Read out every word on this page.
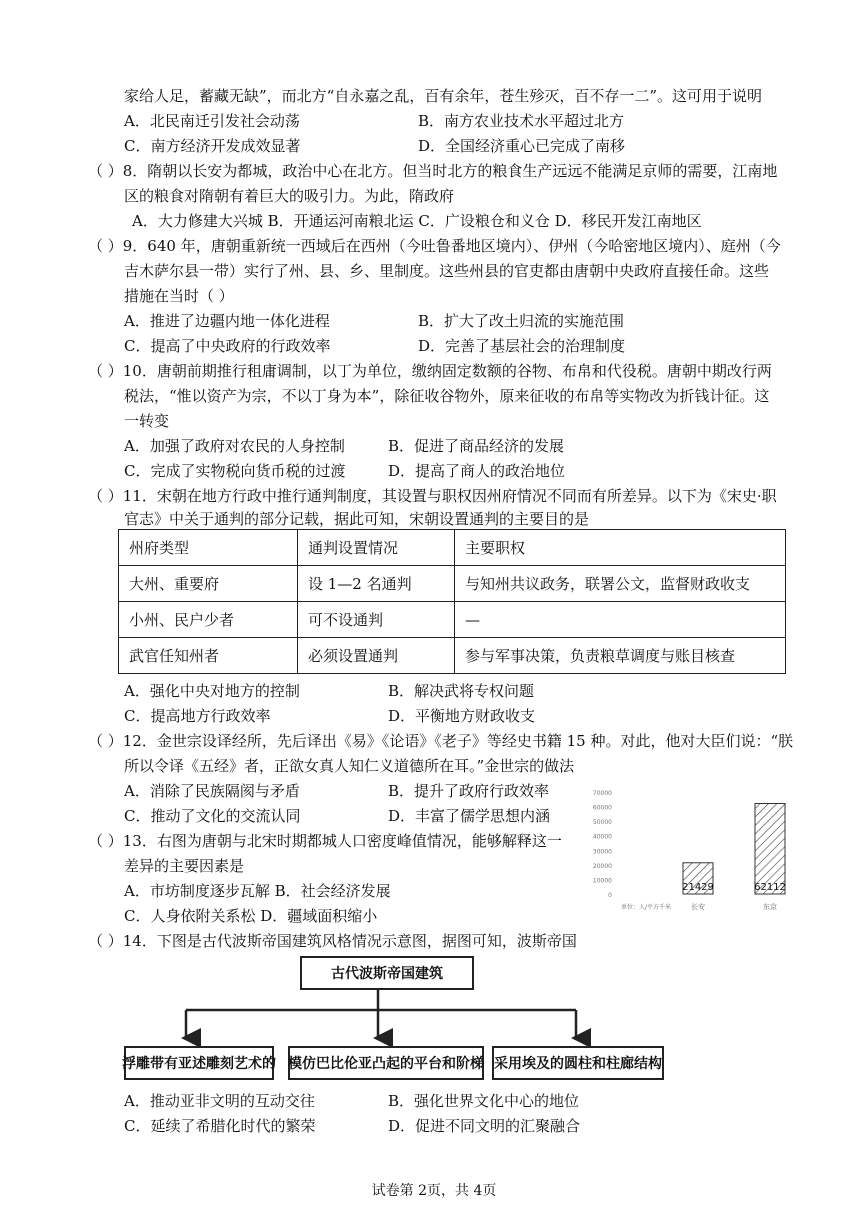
家给人足，蓄藏无缺”，而北方“自永嘉之乱，百有余年，苍生殄灭，百不存一二”。这可用于说明
A．北民南迁引发社会动荡	B．南方农业技术水平超过北方
C．南方经济开发成效显著	D．全国经济重心已完成了南移
（ ）8．隋朝以长安为都城，政治中心在北方。但当时北方的粮食生产远远不能满足京师的需要，江南地
区的粮食对隋朝有着巨大的吸引力。为此，隋政府
A．大力修建大兴城 B．开通运河南粮北运 C．广设粮仓和义仓 D．移民开发江南地区
（ ）9．640 年，唐朝重新统一西域后在西州（今吐鲁番地区境内）、伊州（今哈密地区境内）、庭州（今
吉木萨尔县一带）实行了州、县、乡、里制度。这些州县的官吏都由唐朝中央政府直接任命。这些
措施在当时（ ）
A．推进了边疆内地一体化进程	B．扩大了改土归流的实施范围
C．提高了中央政府的行政效率	D．完善了基层社会的治理制度
（ ）10．唐朝前期推行租庸调制，以丁为单位，缴纳固定数额的谷物、布帛和代役税。唐朝中期改行两
税法，“惟以资产为宗，不以丁身为本”，除征收谷物外，原来征收的布帛等实物改为折钱计征。这
一转变
A．加强了政府对农民的人身控制	B．促进了商品经济的发展
C．完成了实物税向货币税的过渡	D．提高了商人的政治地位
（ ）11．宋朝在地方行政中推行通判制度，其设置与职权因州府情况不同而有所差异。以下为《宋史·职
官志》中关于通判的部分记载，据此可知，宋朝设置通判的主要目的是
州府类型	通判设置情况	主要职权
大州、重要府	设 1—2 名通判	与知州共议政务，联署公文，监督财政收支
小州、民户少者	可不设通判	—
武官任知州者	必须设置通判	参与军事决策，负责粮草调度与账目核查
A．强化中央对地方的控制	B．解决武将专权问题
C．提高地方行政效率	D．平衡地方财政收支
（ ）12．金世宗设译经所，先后译出《易》《论语》《老子》等经史书籍 15 种。对此，他对大臣们说：“朕
所以令译《五经》者，正欲女真人知仁义道德所在耳。”金世宗的做法
A．消除了民族隔阂与矛盾	B．提升了政府行政效率
C．推动了文化的交流认同	D．丰富了儒学思想内涵
（ ）13．右图为唐朝与北宋时期都城人口密度峰值情况，能够解释这一
差异的主要因素是
A．市坊制度逐步瓦解 B．社会经济发展
C．人身依附关系松 D．疆域面积缩小
70000
60000
50000
40000
30000
20000
10000
0
21429
长安
62112
东京
单位：人/平方千米
（ ）14．下图是古代波斯帝国建筑风格情况示意图，据图可知，波斯帝国
古代波斯帝国建筑
浮雕带有亚述雕刻艺术的 模仿巴比伦亚凸起的平台和阶梯 采用埃及的圆柱和柱廊结构
A．推动亚非文明的互动交往	B．强化世界文化中心的地位
C．延续了希腊化时代的繁荣	D．促进不同文明的汇聚融合
试卷第 2页，共 4页
